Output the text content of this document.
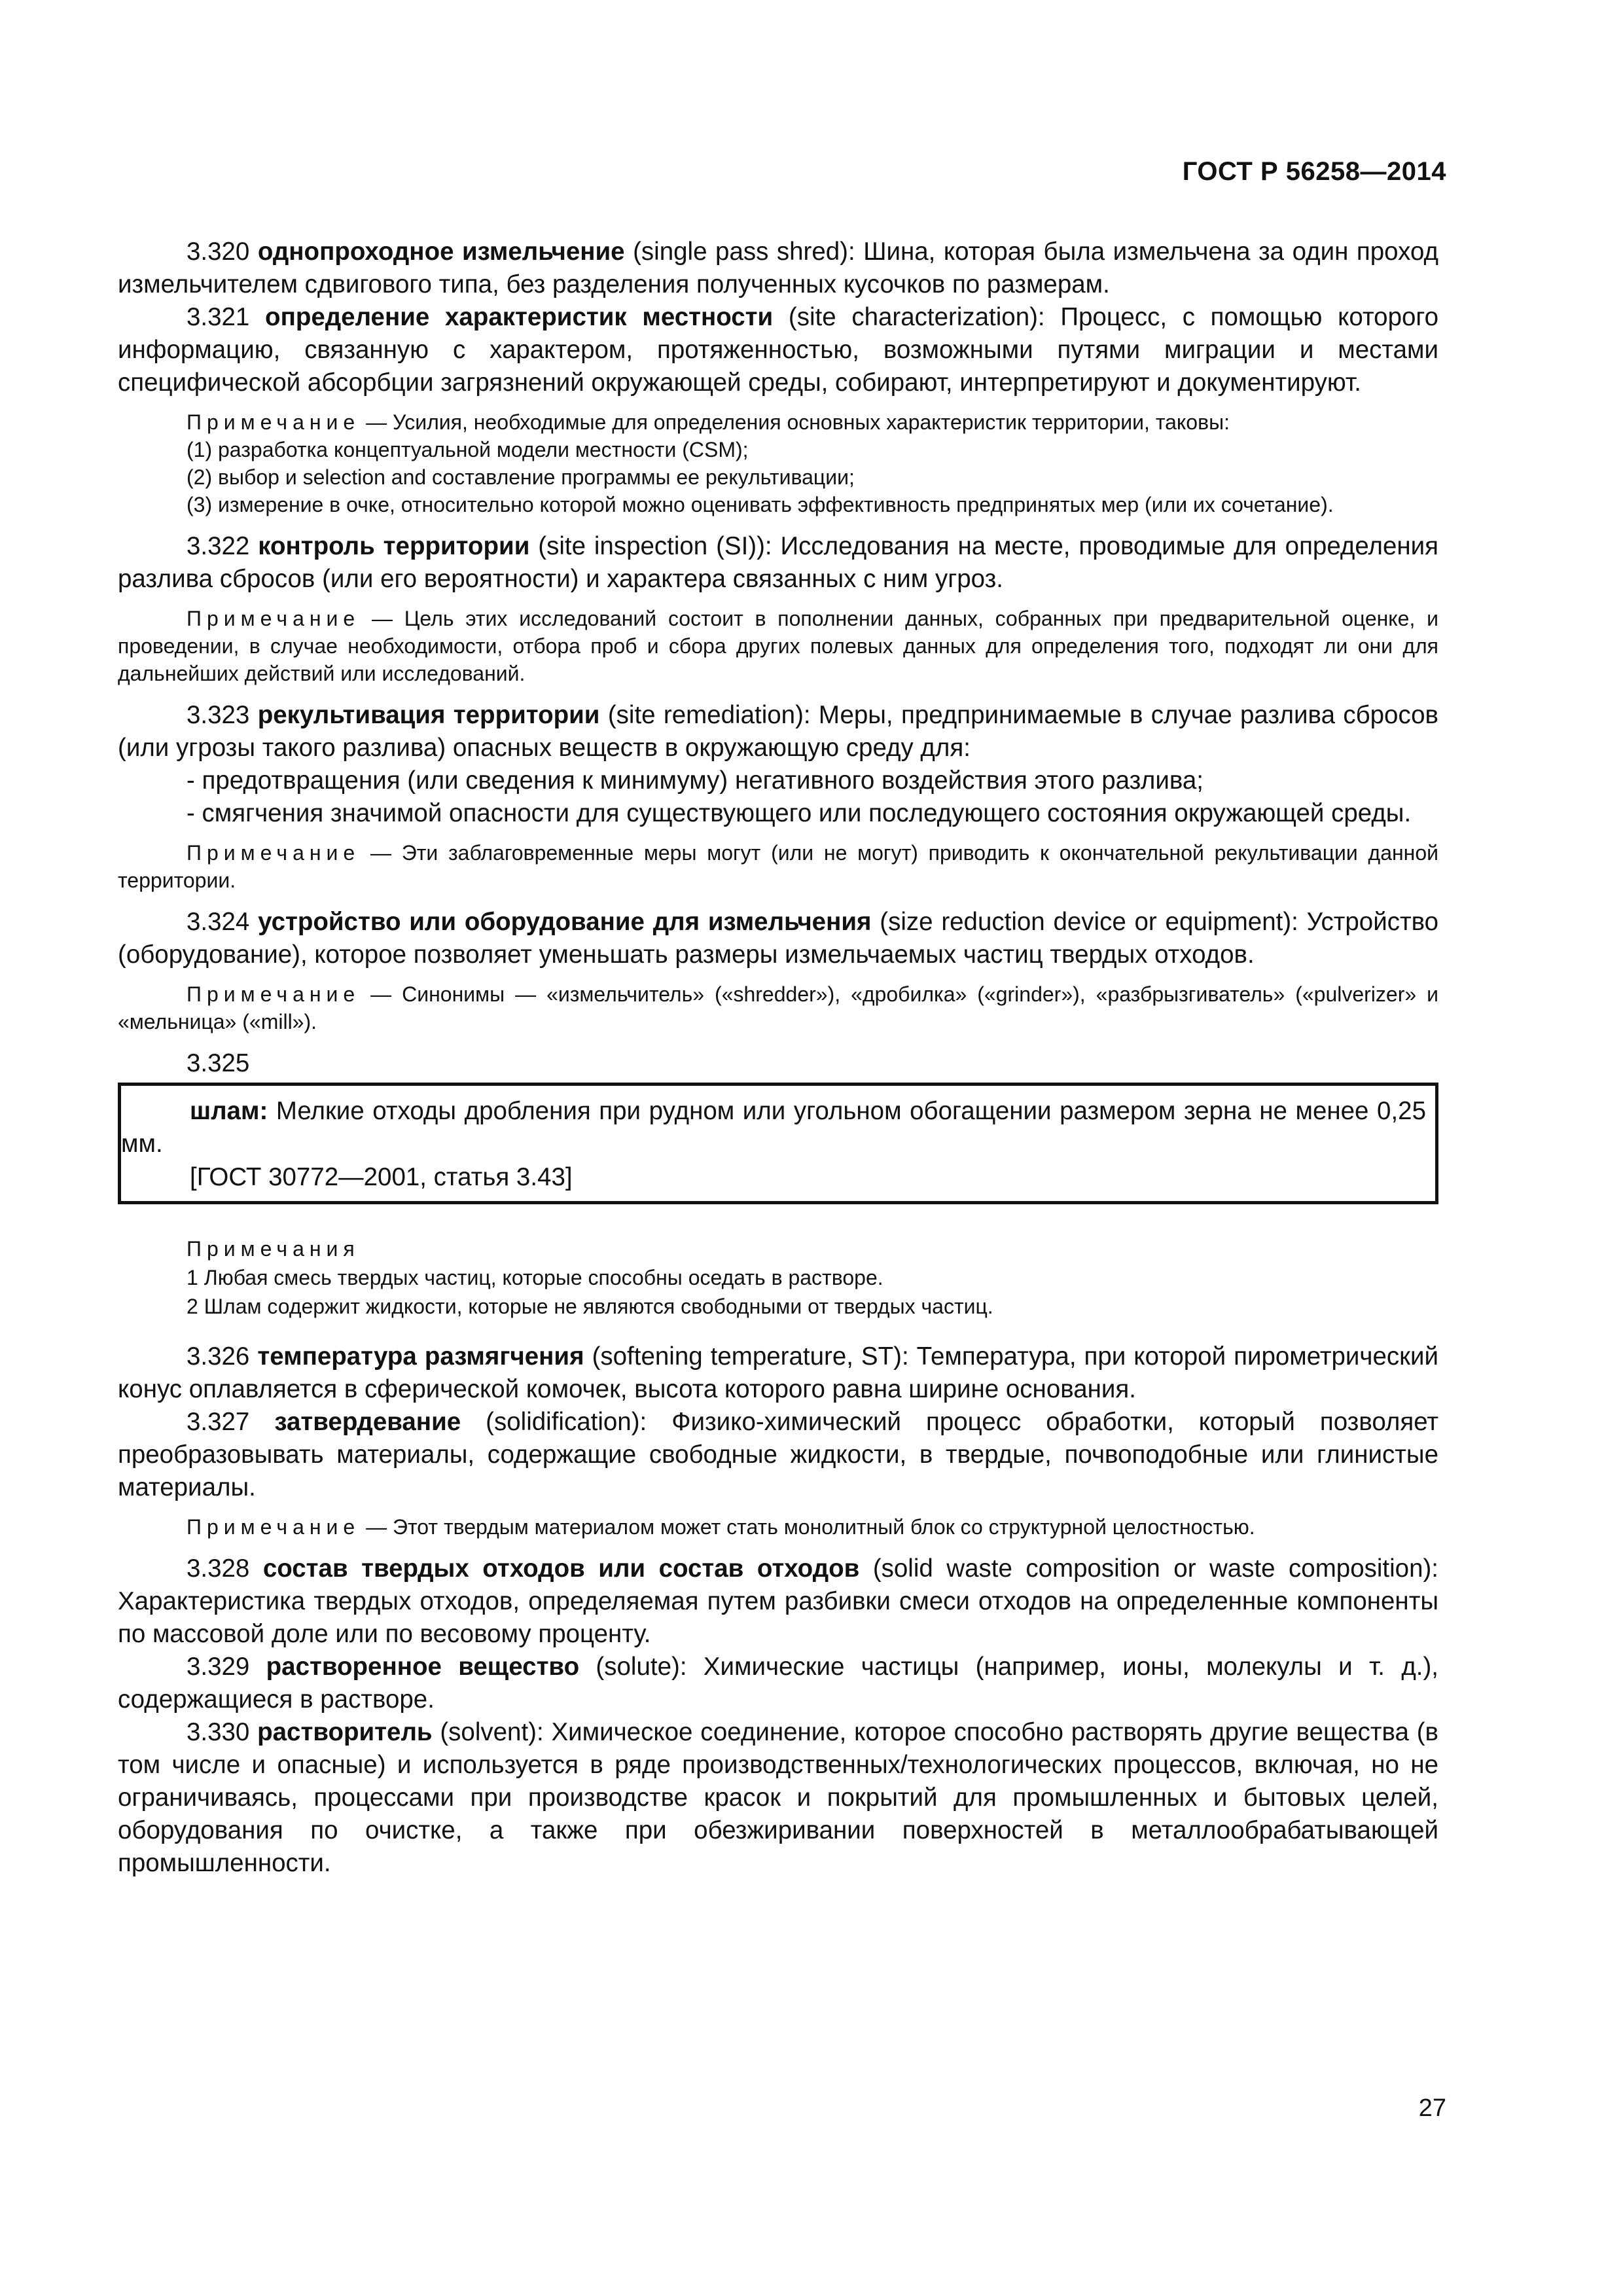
ГОСТ Р 56258—2014

3.320 однопроходное измельчение (single pass shred): Шина, которая была измельчена за один проход измельчителем сдвигового типа, без разделения полученных кусочков по размерам.

3.321 определение характеристик местности (site characterization): Процесс, с помощью которого информацию, связанную с характером, протяженностью, возможными путями миграции и местами специфической абсорбции загрязнений окружающей среды, собирают, интерпретируют и документируют.

Примечание — Усилия, необходимые для определения основных характеристик территории, таковы:

(1) разработка концептуальной модели местности (CSM);

(2) выбор и selection and составление программы ее рекультивации;

(3) измерение в очке, относительно которой можно оценивать эффективность предпринятых мер (или их сочетание).

3.322 контроль территории (site inspection (SI)): Исследования на месте, проводимые для определения разлива сбросов (или его вероятности) и характера связанных с ним угроз.

Примечание — Цель этих исследований состоит в пополнении данных, собранных при предварительной оценке, и проведении, в случае необходимости, отбора проб и сбора других полевых данных для определения того, подходят ли они для дальнейших действий или исследований.

3.323 рекультивация территории (site remediation): Меры, предпринимаемые в случае разлива сбросов (или угрозы такого разлива) опасных веществ в окружающую среду для:

- предотвращения (или сведения к минимуму) негативного воздействия этого разлива;

- смягчения значимой опасности для существующего или последующего состояния окружающей среды.

Примечание — Эти заблаговременные меры могут (или не могут) приводить к окончательной рекультивации данной территории.

3.324 устройство или оборудование для измельчения (size reduction device or equipment): Устройство (оборудование), которое позволяет уменьшать размеры измельчаемых частиц твердых отходов.

Примечание — Синонимы — «измельчитель» («shredder»), «дробилка» («grinder»), «разбрызгиватель» («pulverizer» и «мельница» («mill»).

3.325

шлам: Мелкие отходы дробления при рудном или угольном обогащении размером зерна не менее 0,25 мм.

[ГОСТ 30772—2001, статья 3.43]

Примечания

1 Любая смесь твердых частиц, которые способны оседать в растворе.

2 Шлам содержит жидкости, которые не являются свободными от твердых частиц.

3.326 температура размягчения (softening temperature, ST): Температура, при которой пирометрический конус оплавляется в сферической комочек, высота которого равна ширине основания.

3.327 затвердевание (solidification): Физико-химический процесс обработки, который позволяет преобразовывать материалы, содержащие свободные жидкости, в твердые, почвоподобные или глинистые материалы.

Примечание — Этот твердым материалом может стать монолитный блок со структурной целостностью.

3.328 состав твердых отходов или состав отходов (solid waste composition or waste composition): Характеристика твердых отходов, определяемая путем разбивки смеси отходов на определенные компоненты по массовой доле или по весовому проценту.

3.329 растворенное вещество (solute): Химические частицы (например, ионы, молекулы и т. д.), содержащиеся в растворе.

3.330 растворитель (solvent): Химическое соединение, которое способно растворять другие вещества (в том числе и опасные) и используется в ряде производственных/технологических процессов, включая, но не ограничиваясь, процессами при производстве красок и покрытий для промышленных и бытовых целей, оборудования по очистке, а также при обезжиривании поверхностей в металлообрабатывающей промышленности.

27
